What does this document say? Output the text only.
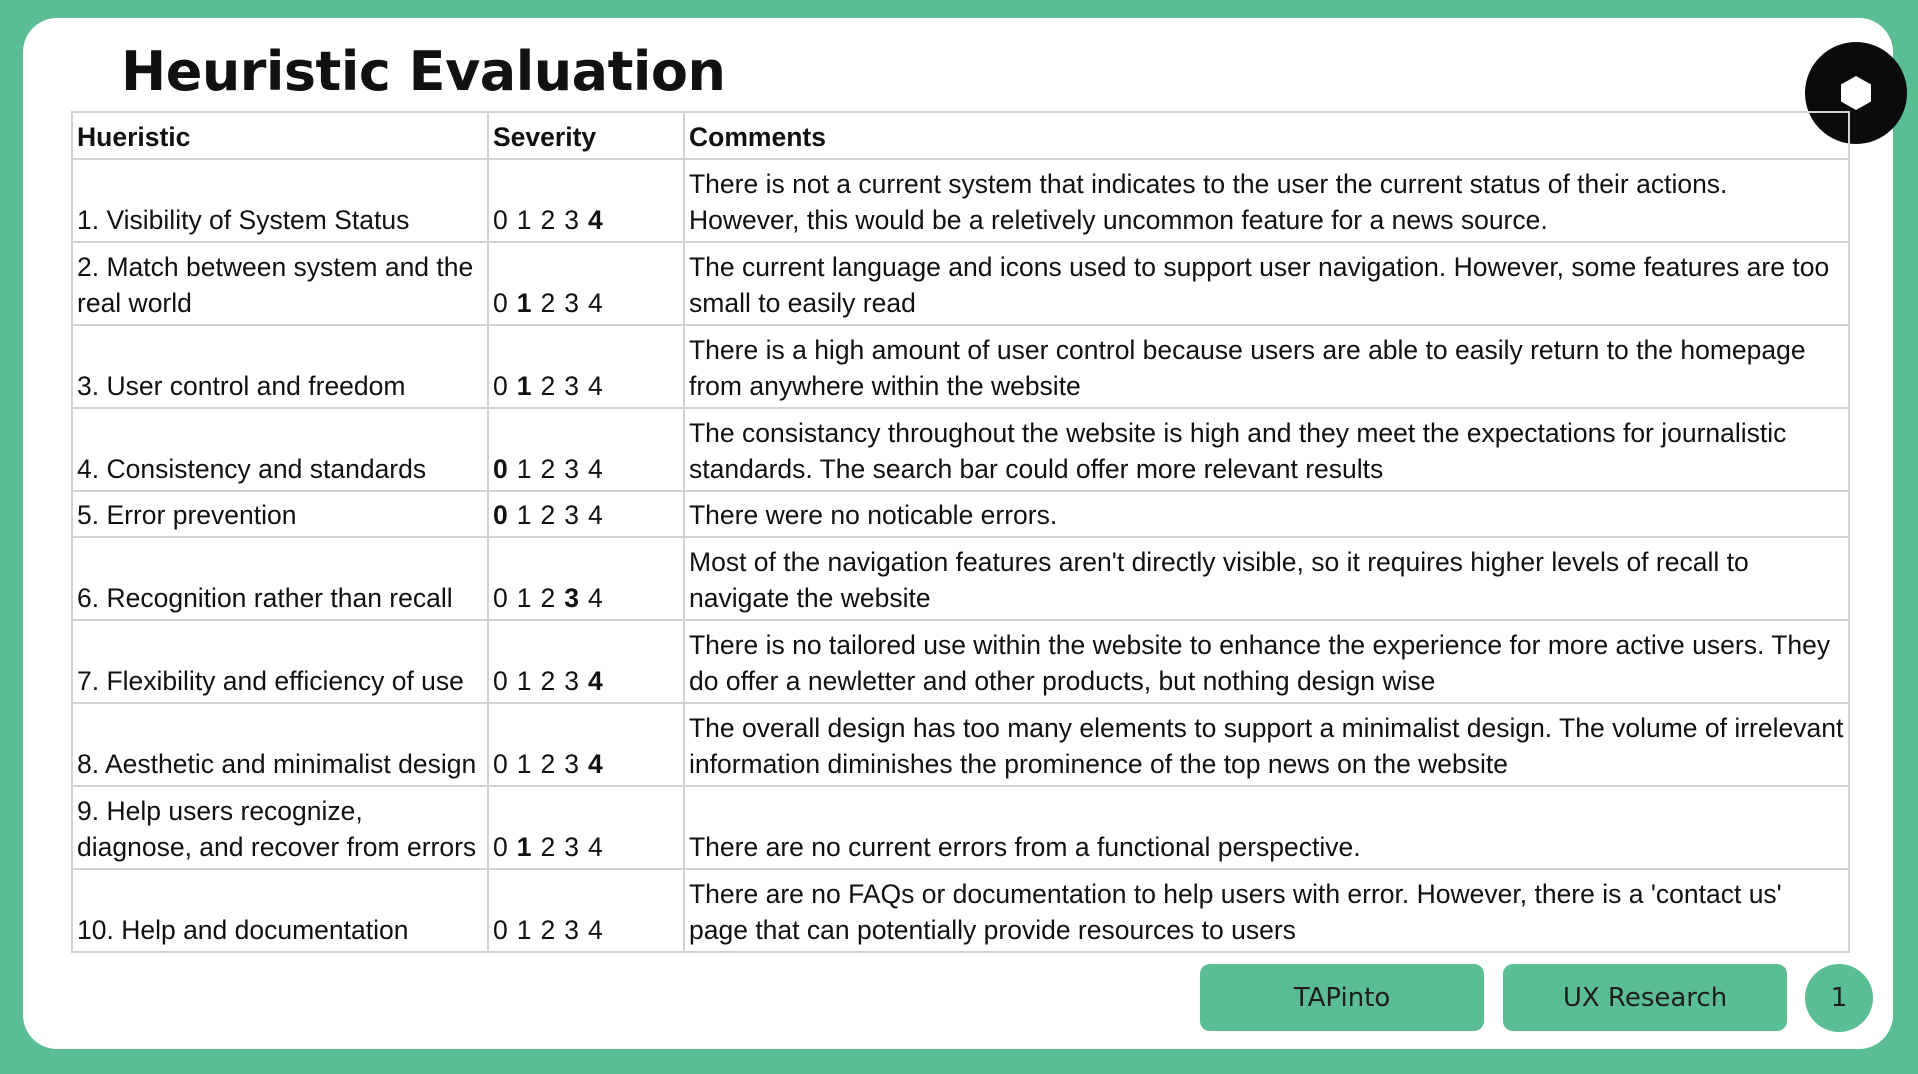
Heuristic Evaluation
Hueristic	Severity	Comments
1. Visibility of System Status	0 1 2 3 4	There is not a current system that indicates to the user the current status of their actions. However, this would be a reletively uncommon feature for a news source.
2. Match between system and the real world	0 1 2 3 4	The current language and icons used to support user navigation. However, some features are too small to easily read
3. User control and freedom	0 1 2 3 4	There is a high amount of user control because users are able to easily return to the homepage from anywhere within the website
4. Consistency and standards	0 1 2 3 4	The consistancy throughout the website is high and they meet the expectations for journalistic standards. The search bar could offer more relevant results
5. Error prevention	0 1 2 3 4	There were no noticable errors.
6. Recognition rather than recall	0 1 2 3 4	Most of the navigation features aren't directly visible, so it requires higher levels of recall to navigate the website
7. Flexibility and efficiency of use	0 1 2 3 4	There is no tailored use within the website to enhance the experience for more active users. They do offer a newletter and other products, but nothing design wise
8. Aesthetic and minimalist design	0 1 2 3 4	The overall design has too many elements to support a minimalist design. The volume of irrelevant information diminishes the prominence of the top news on the website
9. Help users recognize, diagnose, and recover from errors	0 1 2 3 4	There are no current errors from a functional perspective.
10. Help and documentation	0 1 2 3 4	There are no FAQs or documentation to help users with error. However, there is a 'contact us' page that can potentially provide resources to users
TAPinto	UX Research	1
